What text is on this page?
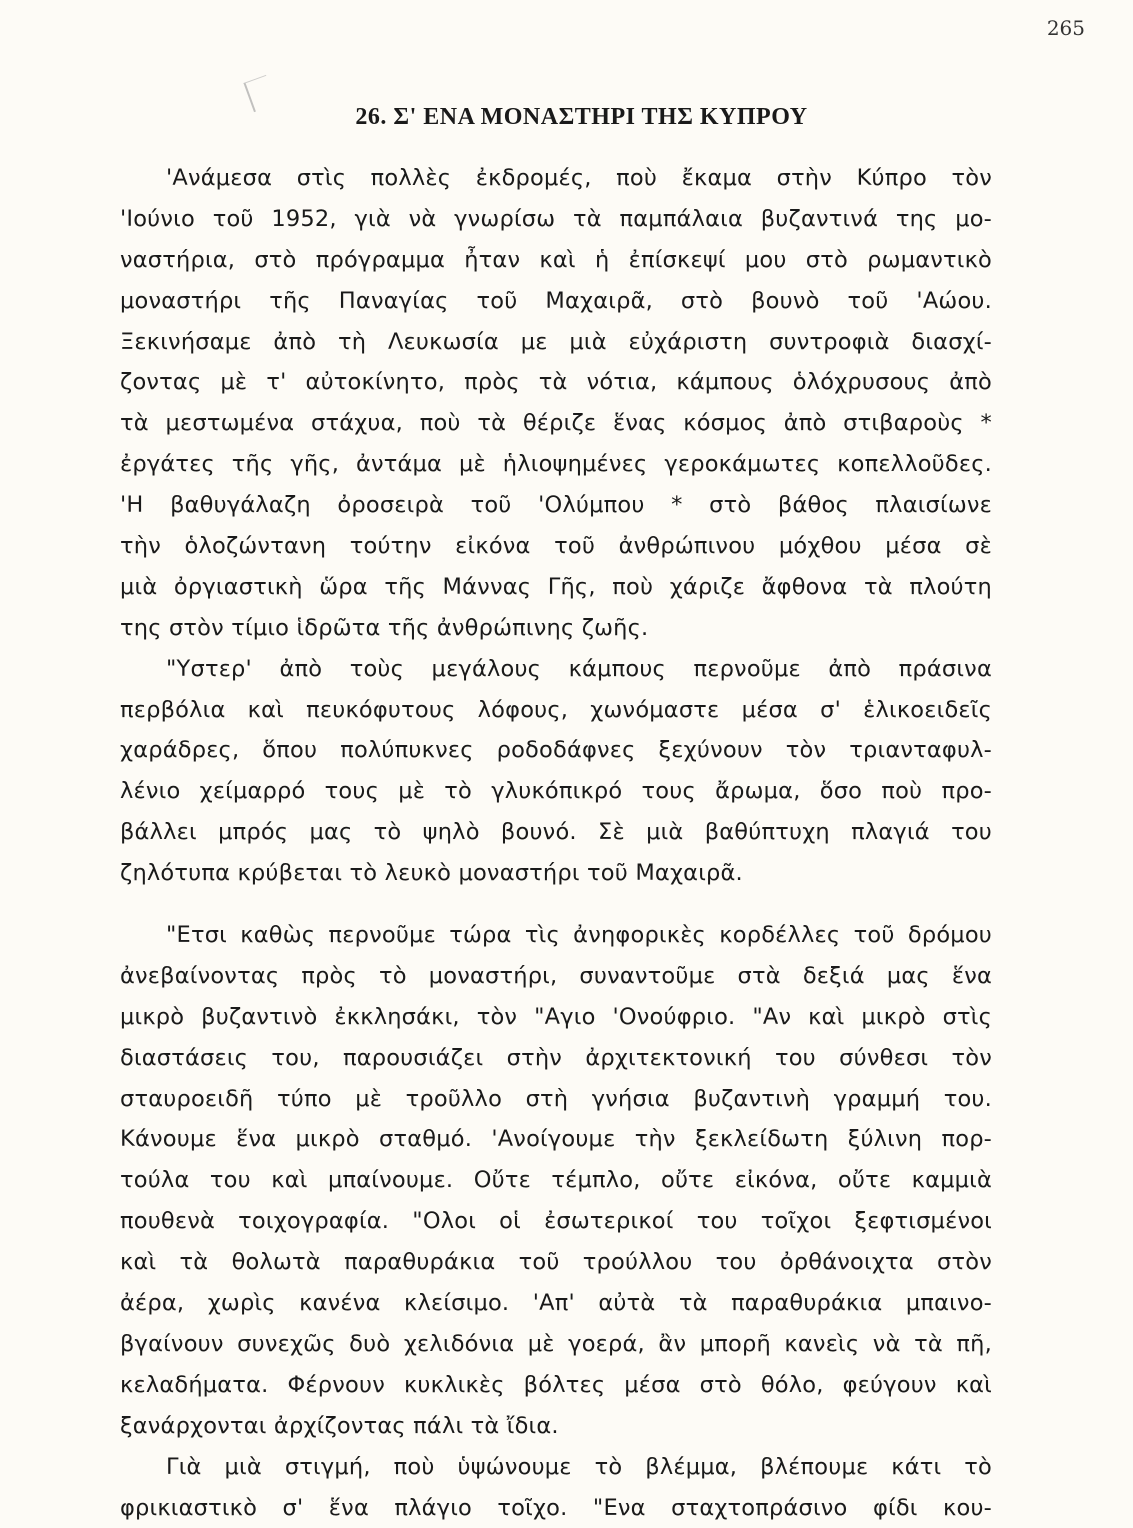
265
26. Σ' ΕΝΑ ΜΟΝΑΣΤΗΡΙ ΤΗΣ ΚΥΠΡΟΥ
'Ανάμεσα στὶς πολλὲς ἐκδρομές, ποὺ ἔκαμα στὴν Κύπρο τὸν
'Ιούνιο τοῦ 1952, γιὰ νὰ γνωρίσω τὰ παμπάλαια βυζαντινά της μο-
ναστήρια, στὸ πρόγραμμα ἦταν καὶ ἡ ἐπίσκεψί μου στὸ ρωμαντικὸ
μοναστήρι τῆς Παναγίας τοῦ Μαχαιρᾶ, στὸ βουνὸ τοῦ 'Αώου.
Ξεκινήσαμε ἀπὸ τὴ Λευκωσία με μιὰ εὐχάριστη συντροφιὰ διασχί-
ζοντας μὲ τ' αὐτοκίνητο, πρὸς τὰ νότια, κάμπους ὁλόχρυσους ἀπὸ
τὰ μεστωμένα στάχυα, ποὺ τὰ θέριζε ἕνας κόσμος ἀπὸ στιβαροὺς *
ἐργάτες τῆς γῆς, ἀντάμα μὲ ἡλιοψημένες γεροκάμωτες κοπελλοῦδες.
'Η βαθυγάλαζη ὀροσειρὰ τοῦ 'Ολύμπου * στὸ βάθος πλαισίωνε
τὴν ὁλοζώντανη τούτην εἰκόνα τοῦ ἀνθρώπινου μόχθου μέσα σὲ
μιὰ ὀργιαστικὴ ὥρα τῆς Μάννας Γῆς, ποὺ χάριζε ἄφθονα τὰ πλούτη
της στὸν τίμιο ἱδρῶτα τῆς ἀνθρώπινης ζωῆς.
"Υστερ' ἀπὸ τοὺς μεγάλους κάμπους περνοῦμε ἀπὸ πράσινα
περβόλια καὶ πευκόφυτους λόφους, χωνόμαστε μέσα σ' ἑλικοειδεῖς
χαράδρες, ὅπου πολύπυκνες ροδοδάφνες ξεχύνουν τὸν τριανταφυλ-
λένιο χείμαρρό τους μὲ τὸ γλυκόπικρό τους ἄρωμα, ὅσο ποὺ προ-
βάλλει μπρός μας τὸ ψηλὸ βουνό. Σὲ μιὰ βαθύπτυχη πλαγιά του
ζηλότυπα κρύβεται τὸ λευκὸ μοναστήρι τοῦ Μαχαιρᾶ.
"Ετσι καθὼς περνοῦμε τώρα τὶς ἀνηφορικὲς κορδέλλες τοῦ δρόμου
ἀνεβαίνοντας πρὸς τὸ μοναστήρι, συναντοῦμε στὰ δεξιά μας ἕνα
μικρὸ βυζαντινὸ ἐκκλησάκι, τὸν "Αγιο 'Ονούφριο. "Αν καὶ μικρὸ στὶς
διαστάσεις του, παρουσιάζει στὴν ἀρχιτεκτονική του σύνθεσι τὸν
σταυροειδῆ τύπο μὲ τροῦλλο στὴ γνήσια βυζαντινὴ γραμμή του.
Κάνουμε ἕνα μικρὸ σταθμό. 'Ανοίγουμε τὴν ξεκλείδωτη ξύλινη πορ-
τούλα του καὶ μπαίνουμε. Οὔτε τέμπλο, οὔτε εἰκόνα, οὔτε καμμιὰ
πουθενὰ τοιχογραφία. "Ολοι οἱ ἐσωτερικοί του τοῖχοι ξεφτισμένοι
καὶ τὰ θολωτὰ παραθυράκια τοῦ τρούλλου του ὀρθάνοιχτα στὸν
ἀέρα, χωρὶς κανένα κλείσιμο. 'Απ' αὐτὰ τὰ παραθυράκια μπαινο-
βγαίνουν συνεχῶς δυὸ χελιδόνια μὲ γοερά, ἂν μπορῆ κανεὶς νὰ τὰ πῆ,
κελαδήματα. Φέρνουν κυκλικὲς βόλτες μέσα στὸ θόλο, φεύγουν καὶ
ξανάρχονται ἀρχίζοντας πάλι τὰ ἴδια.
Γιὰ μιὰ στιγμή, ποὺ ὑψώνουμε τὸ βλέμμα, βλέπουμε κάτι τὸ
φρικιαστικὸ σ' ἕνα πλάγιο τοῖχο. "Ενα σταχτοπράσινο φίδι κου-
